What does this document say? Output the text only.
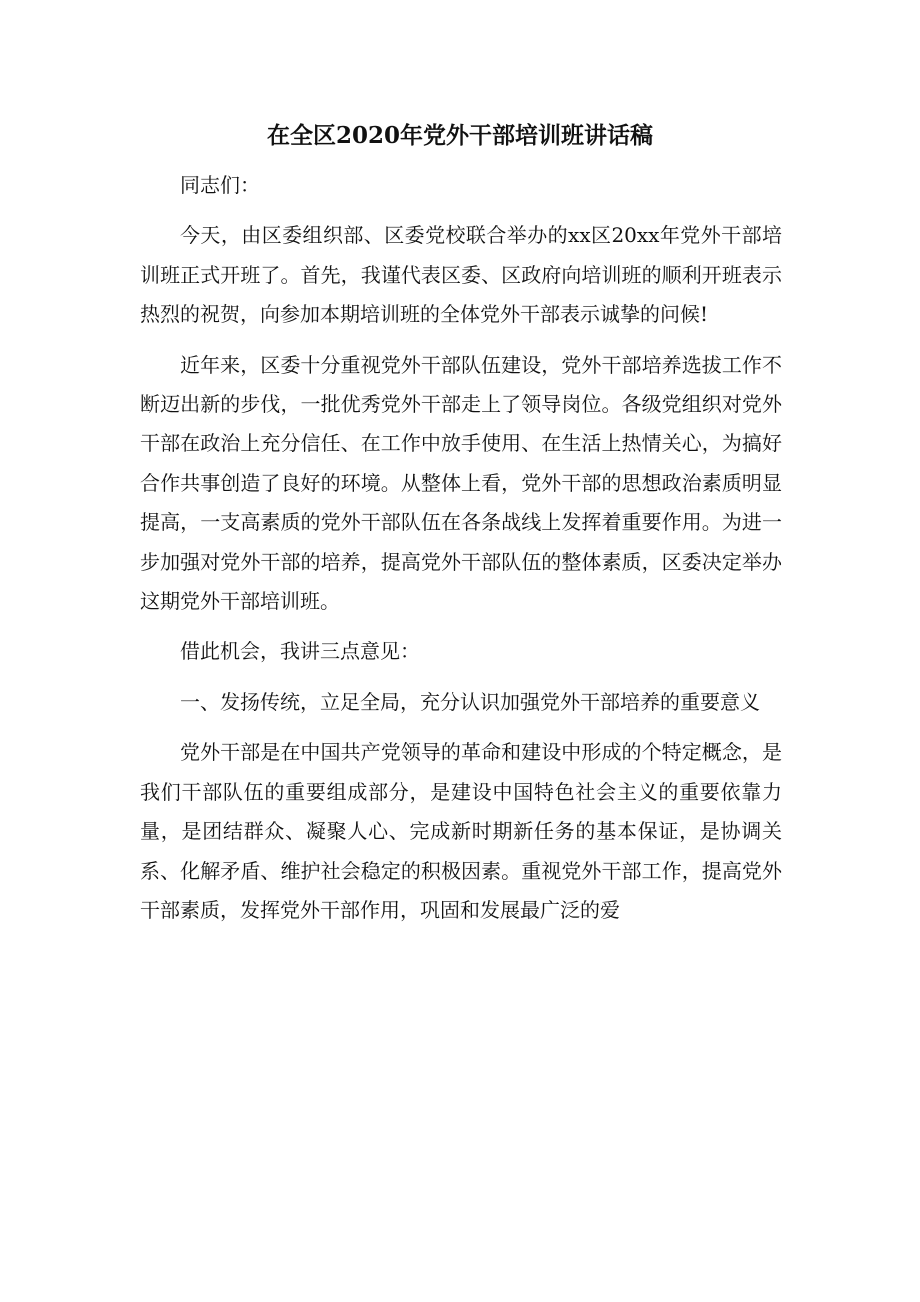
在全区2020年党外干部培训班讲话稿

同志们：

今天，由区委组织部、区委党校联合举办的xx区20xx年党外干部培训班正式开班了。首先，我谨代表区委、区政府向培训班的顺利开班表示热烈的祝贺，向参加本期培训班的全体党外干部表示诚挚的问候!

近年来，区委十分重视党外干部队伍建设，党外干部培养选拔工作不断迈出新的步伐，一批优秀党外干部走上了领导岗位。各级党组织对党外干部在政治上充分信任、在工作中放手使用、在生活上热情关心，为搞好合作共事创造了良好的环境。从整体上看，党外干部的思想政治素质明显提高，一支高素质的党外干部队伍在各条战线上发挥着重要作用。为进一步加强对党外干部的培养，提高党外干部队伍的整体素质，区委决定举办这期党外干部培训班。

借此机会，我讲三点意见：

一、发扬传统，立足全局，充分认识加强党外干部培养的重要意义

党外干部是在中国共产党领导的革命和建设中形成的个特定概念，是我们干部队伍的重要组成部分，是建设中国特色社会主义的重要依靠力量，是团结群众、凝聚人心、完成新时期新任务的基本保证，是协调关系、化解矛盾、维护社会稳定的积极因素。重视党外干部工作，提高党外干部素质，发挥党外干部作用，巩固和发展最广泛的爱
